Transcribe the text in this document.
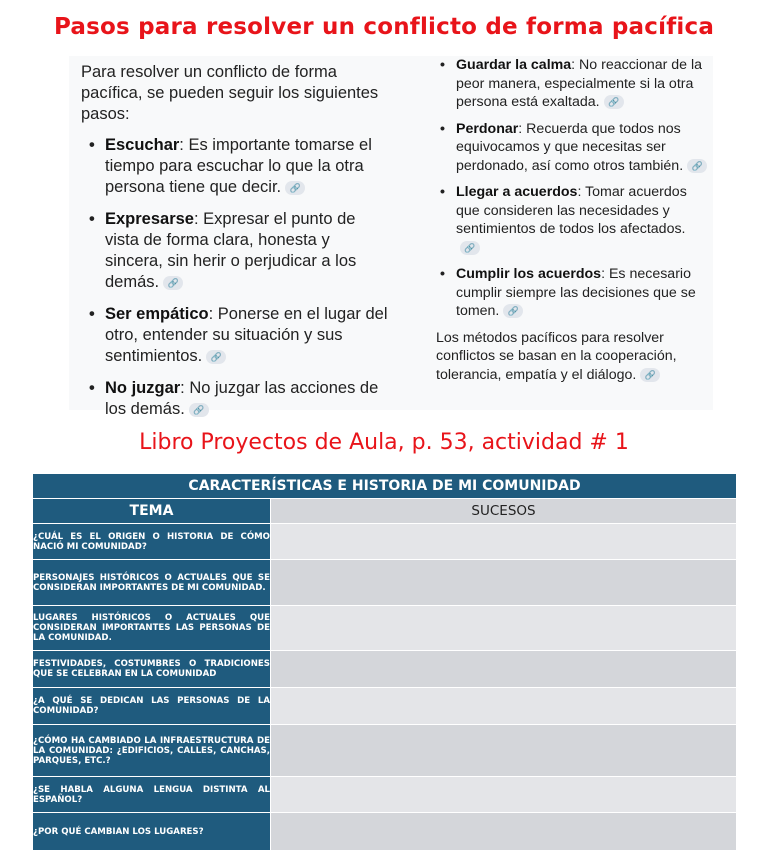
Pasos para resolver un conflicto de forma pacífica

Para resolver un conflicto de forma pacífica, se pueden seguir los siguientes pasos:

• Escuchar: Es importante tomarse el tiempo para escuchar lo que la otra persona tiene que decir. 🔗
• Expresarse: Expresar el punto de vista de forma clara, honesta y sincera, sin herir o perjudicar a los demás. 🔗
• Ser empático: Ponerse en el lugar del otro, entender su situación y sus sentimientos. 🔗
• No juzgar: No juzgar las acciones de los demás. 🔗
• Guardar la calma: No reaccionar de la peor manera, especialmente si la otra persona está exaltada. 🔗
• Perdonar: Recuerda que todos nos equivocamos y que necesitas ser perdonado, así como otros también. 🔗
• Llegar a acuerdos: Tomar acuerdos que consideren las necesidades y sentimientos de todos los afectados.🔗
• Cumplir los acuerdos: Es necesario cumplir siempre las decisiones que se tomen. 🔗

Los métodos pacíficos para resolver conflictos se basan en la cooperación, tolerancia, empatía y el diálogo. 🔗

Libro Proyectos de Aula, p. 53, actividad # 1
CARACTERÍSTICAS E HISTORIA DE MI COMUNIDAD	
TEMA	SUCESOS
¿CUÁL ES EL ORIGEN O HISTORIA DE CÓMO NACIÓ MI COMUNIDAD?	
PERSONAJES HISTÓRICOS O ACTUALES QUE SE CONSIDERAN IMPORTANTES DE MI COMUNIDAD.	
LUGARES HISTÓRICOS O ACTUALES QUE CONSIDERAN IMPORTANTES LAS PERSONAS DE LA COMUNIDAD.	
FESTIVIDADES, COSTUMBRES O TRADICIONES QUE SE CELEBRAN EN LA COMUNIDAD	
¿A QUÉ SE DEDICAN LAS PERSONAS DE LA COMUNIDAD?	
¿CÓMO HA CAMBIADO LA INFRAESTRUCTURA DE LA COMUNIDAD: ¿EDIFICIOS, CALLES, CANCHAS, PARQUES, ETC.?	
¿SE HABLA ALGUNA LENGUA DISTINTA AL ESPAÑOL?	
¿POR QUÉ CAMBIAN LOS LUGARES?	
